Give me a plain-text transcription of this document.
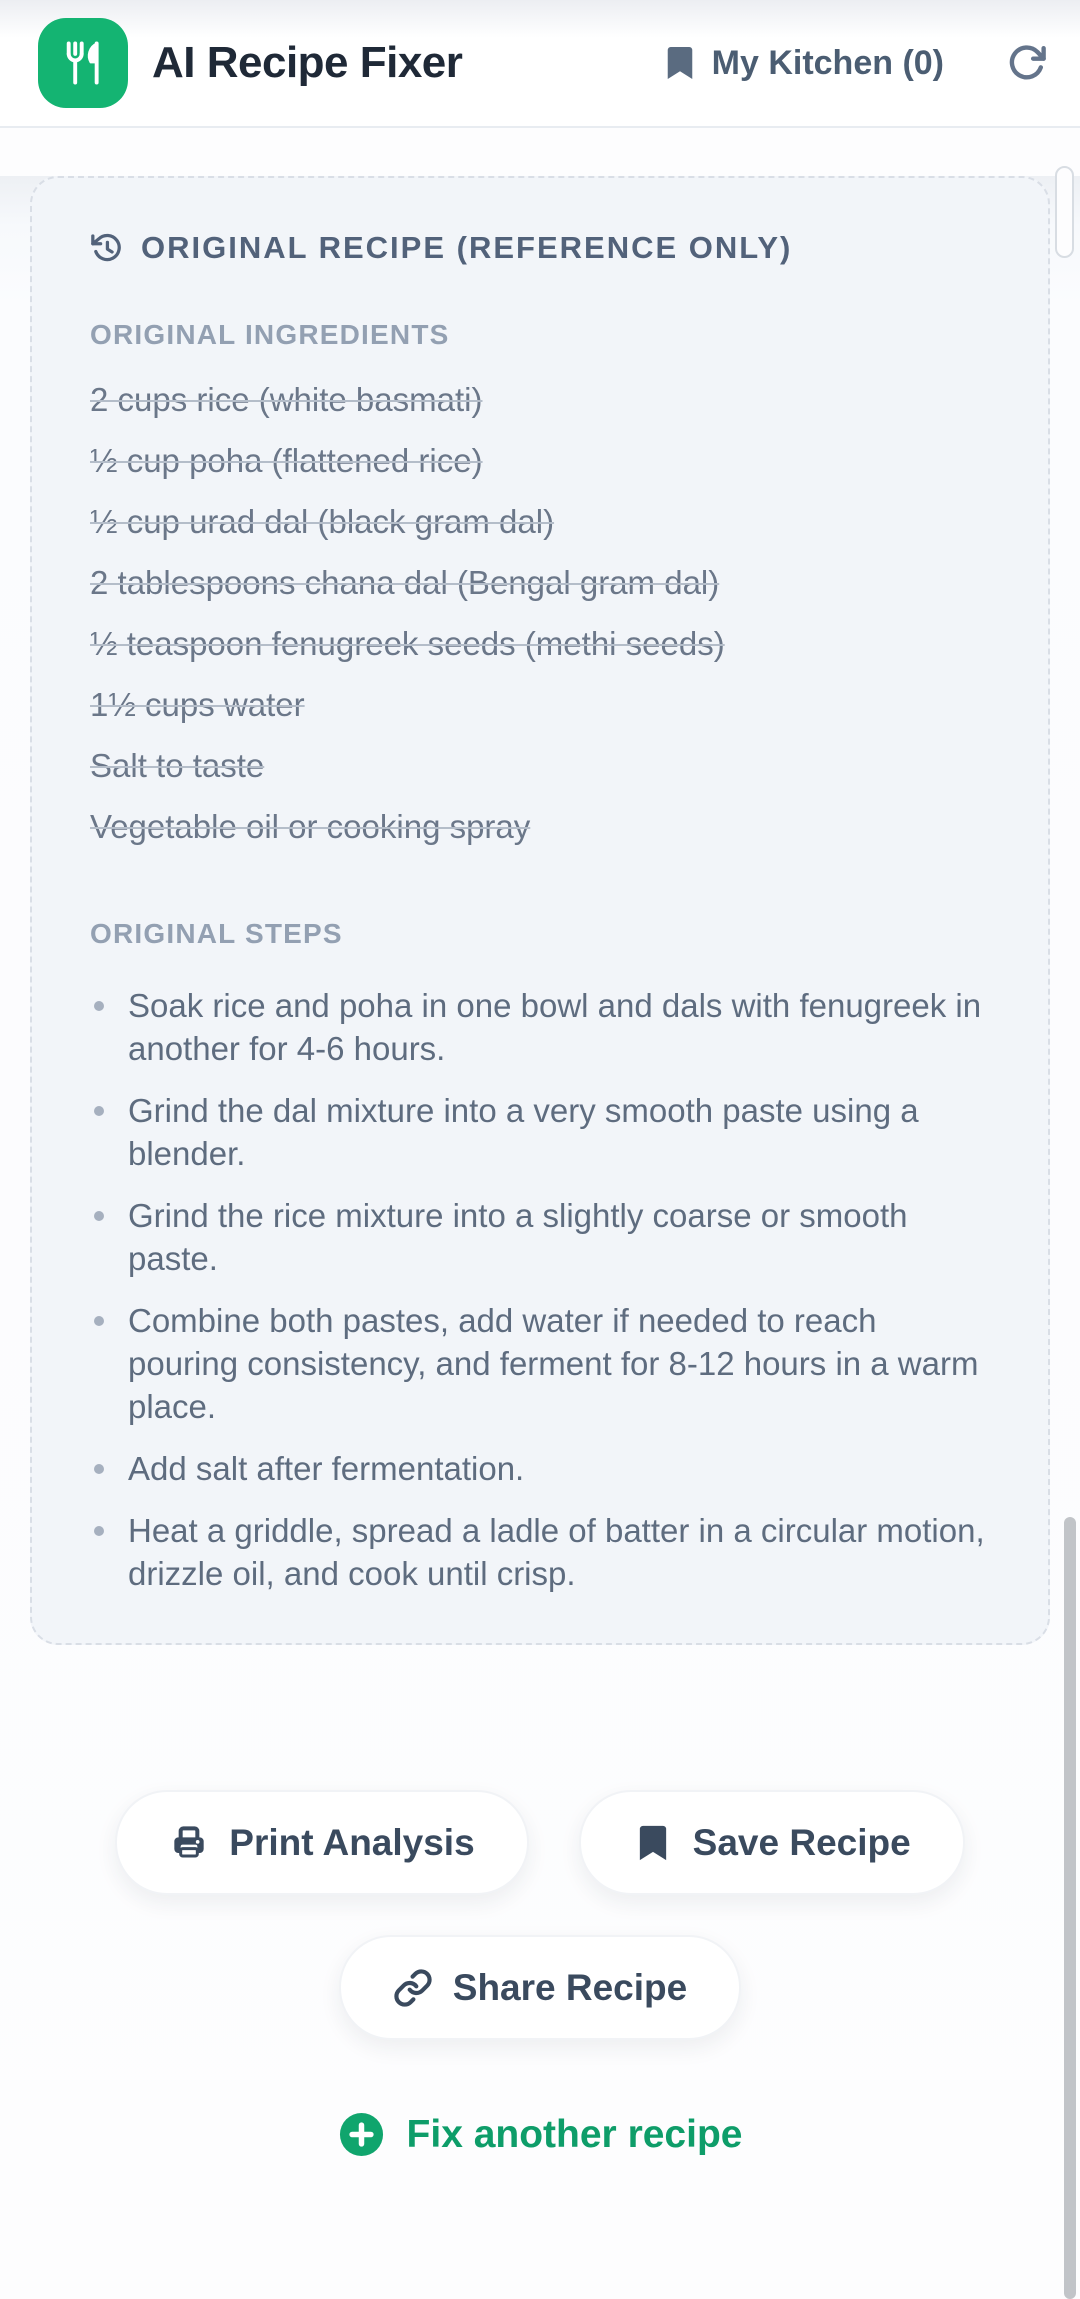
AI Recipe Fixer	My Kitchen (0)
ORIGINAL RECIPE (REFERENCE ONLY)
ORIGINAL INGREDIENTS
2 cups rice (white basmati)
½ cup poha (flattened rice)
½ cup urad dal (black gram dal)
2 tablespoons chana dal (Bengal gram dal)
½ teaspoon fenugreek seeds (methi seeds)
1½ cups water
Salt to taste
Vegetable oil or cooking spray
ORIGINAL STEPS
Soak rice and poha in one bowl and dals with fenugreek in another for 4-6 hours.
Grind the dal mixture into a very smooth paste using a blender.
Grind the rice mixture into a slightly coarse or smooth paste.
Combine both pastes, add water if needed to reach pouring consistency, and ferment for 8-12 hours in a warm place.
Add salt after fermentation.
Heat a griddle, spread a ladle of batter in a circular motion, drizzle oil, and cook until crisp.
Print Analysis	Save Recipe
Share Recipe
Fix another recipe
